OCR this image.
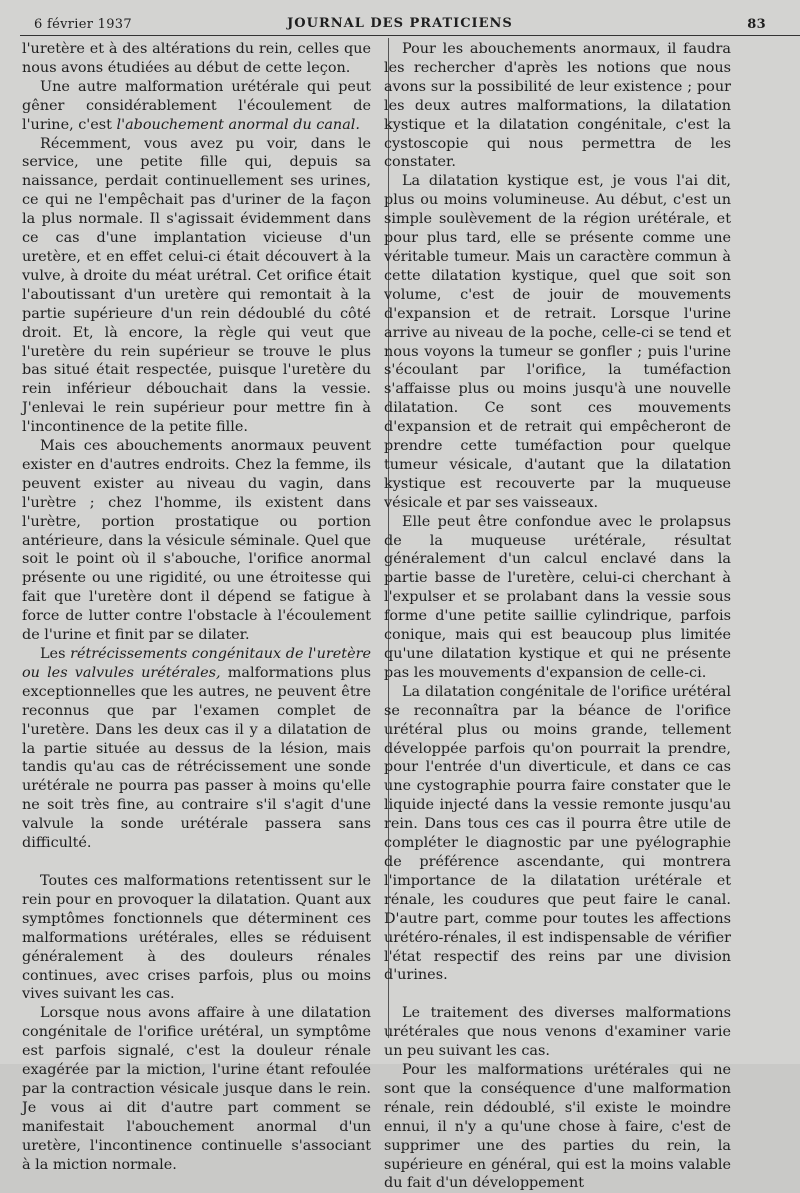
6 février 1937	JOURNAL DES PRATICIENS	83

l'uretère et à des altérations du rein, celles que nous avons étudiées au début de cette leçon.

Une autre malformation urétérale qui peut gêner considérablement l'écoulement de l'urine, c'est l'abouchement anormal du canal.

Récemment, vous avez pu voir, dans le service, une petite fille qui, depuis sa naissance, perdait continuellement ses urines, ce qui ne l'empêchait pas d'uriner de la façon la plus normale. Il s'agissait évidemment dans ce cas d'une implantation vicieuse d'un uretère, et en effet celui-ci était découvert à la vulve, à droite du méat urétral. Cet orifice était l'aboutissant d'un uretère qui remontait à la partie supérieure d'un rein dédoublé du côté droit. Et, là encore, la règle qui veut que l'uretère du rein supérieur se trouve le plus bas situé était respectée, puisque l'uretère du rein inférieur débouchait dans la vessie. J'enlevai le rein supérieur pour mettre fin à l'incontinence de la petite fille.

Mais ces abouchements anormaux peuvent exister en d'autres endroits. Chez la femme, ils peuvent exister au niveau du vagin, dans l'urètre ; chez l'homme, ils existent dans l'urètre, portion prostatique ou portion antérieure, dans la vésicule séminale. Quel que soit le point où il s'abouche, l'orifice anormal présente ou une rigidité, ou une étroitesse qui fait que l'uretère dont il dépend se fatigue à force de lutter contre l'obstacle à l'écoulement de l'urine et finit par se dilater.

Les rétrécissements congénitaux de l'uretère ou les valvules urétérales, malformations plus exceptionnelles que les autres, ne peuvent être reconnus que par l'examen complet de l'uretère. Dans les deux cas il y a dilatation de la partie située au dessus de la lésion, mais tandis qu'au cas de rétrécissement une sonde urétérale ne pourra pas passer à moins qu'elle ne soit très fine, au contraire s'il s'agit d'une valvule la sonde urétérale passera sans difficulté.

Toutes ces malformations retentissent sur le rein pour en provoquer la dilatation. Quant aux symptômes fonctionnels que déterminent ces malformations urétérales, elles se réduisent généralement à des douleurs rénales continues, avec crises parfois, plus ou moins vives suivant les cas.

Lorsque nous avons affaire à une dilatation congénitale de l'orifice urétéral, un symptôme est parfois signalé, c'est la douleur rénale exagérée par la miction, l'urine étant refoulée par la contraction vésicale jusque dans le rein. Je vous ai dit d'autre part comment se manifestait l'abouchement anormal d'un uretère, l'incontinence continuelle s'associant à la miction normale.

Pour les abouchements anormaux, il faudra les rechercher d'après les notions que nous avons sur la possibilité de leur existence ; pour les deux autres malformations, la dilatation kystique et la dilatation congénitale, c'est la cystoscopie qui nous permettra de les constater.

La dilatation kystique est, je vous l'ai dit, plus ou moins volumineuse. Au début, c'est un simple soulèvement de la région urétérale, et pour plus tard, elle se présente comme une véritable tumeur. Mais un caractère commun à cette dilatation kystique, quel que soit son volume, c'est de jouir de mouvements d'expansion et de retrait. Lorsque l'urine arrive au niveau de la poche, celle-ci se tend et nous voyons la tumeur se gonfler ; puis l'urine s'écoulant par l'orifice, la tuméfaction s'affaisse plus ou moins jusqu'à une nouvelle dilatation. Ce sont ces mouvements d'expansion et de retrait qui empêcheront de prendre cette tuméfaction pour quelque tumeur vésicale, d'autant que la dilatation kystique est recouverte par la muqueuse vésicale et par ses vaisseaux.

Elle peut être confondue avec le prolapsus de la muqueuse urétérale, résultat généralement d'un calcul enclavé dans la partie basse de l'uretère, celui-ci cherchant à l'expulser et se prolabant dans la vessie sous forme d'une petite saillie cylindrique, parfois conique, mais qui est beaucoup plus limitée qu'une dilatation kystique et qui ne présente pas les mouvements d'expansion de celle-ci.

La dilatation congénitale de l'orifice urétéral se reconnaîtra par la béance de l'orifice urétéral plus ou moins grande, tellement développée parfois qu'on pourrait la prendre, pour l'entrée d'un diverticule, et dans ce cas une cystographie pourra faire constater que le liquide injecté dans la vessie remonte jusqu'au rein. Dans tous ces cas il pourra être utile de compléter le diagnostic par une pyélographie de préférence ascendante, qui montrera l'importance de la dilatation urétérale et rénale, les coudures que peut faire le canal. D'autre part, comme pour toutes les affections urétéro-rénales, il est indispensable de vérifier l'état respectif des reins par une division d'urines.

Le traitement des diverses malformations urétérales que nous venons d'examiner varie un peu suivant les cas.

Pour les malformations urétérales qui ne sont que la conséquence d'une malformation rénale, rein dédoublé, s'il existe le moindre ennui, il n'y a qu'une chose à faire, c'est de supprimer une des parties du rein, la supérieure en général, qui est la moins valable du fait d'un développement
